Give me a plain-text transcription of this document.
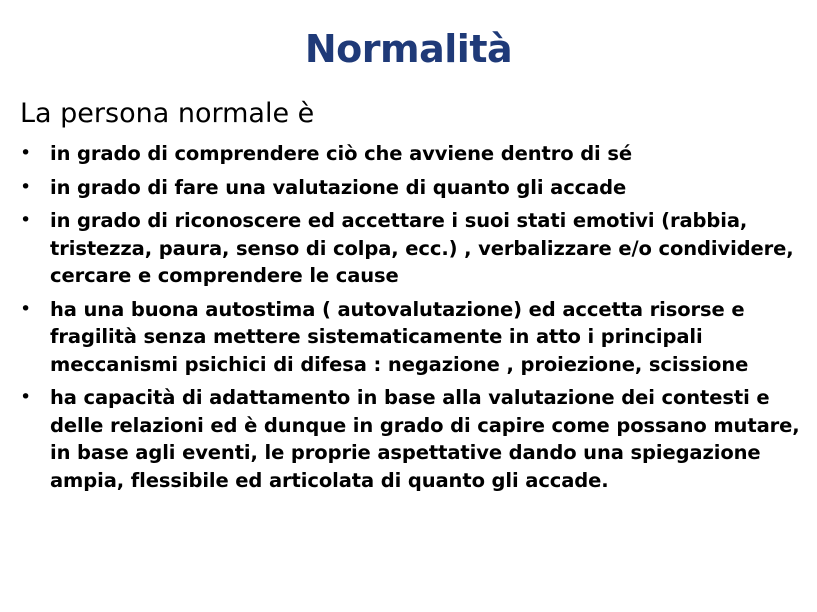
Normalità
La persona normale è
• in grado di comprendere ciò che avviene dentro di sé
• in grado di fare una valutazione di quanto gli accade
• in grado di riconoscere ed accettare i suoi stati emotivi (rabbia, tristezza, paura, senso di colpa, ecc.) , verbalizzare e/o condividere, cercare e comprendere le cause
• ha una buona autostima ( autovalutazione) ed accetta risorse e fragilità senza mettere sistematicamente in atto i principali meccanismi psichici di difesa : negazione , proiezione, scissione
• ha capacità di adattamento in base alla valutazione dei contesti e delle relazioni ed è dunque in grado di capire come possano mutare, in base agli eventi, le proprie aspettative dando una spiegazione ampia, flessibile ed articolata di quanto gli accade.
